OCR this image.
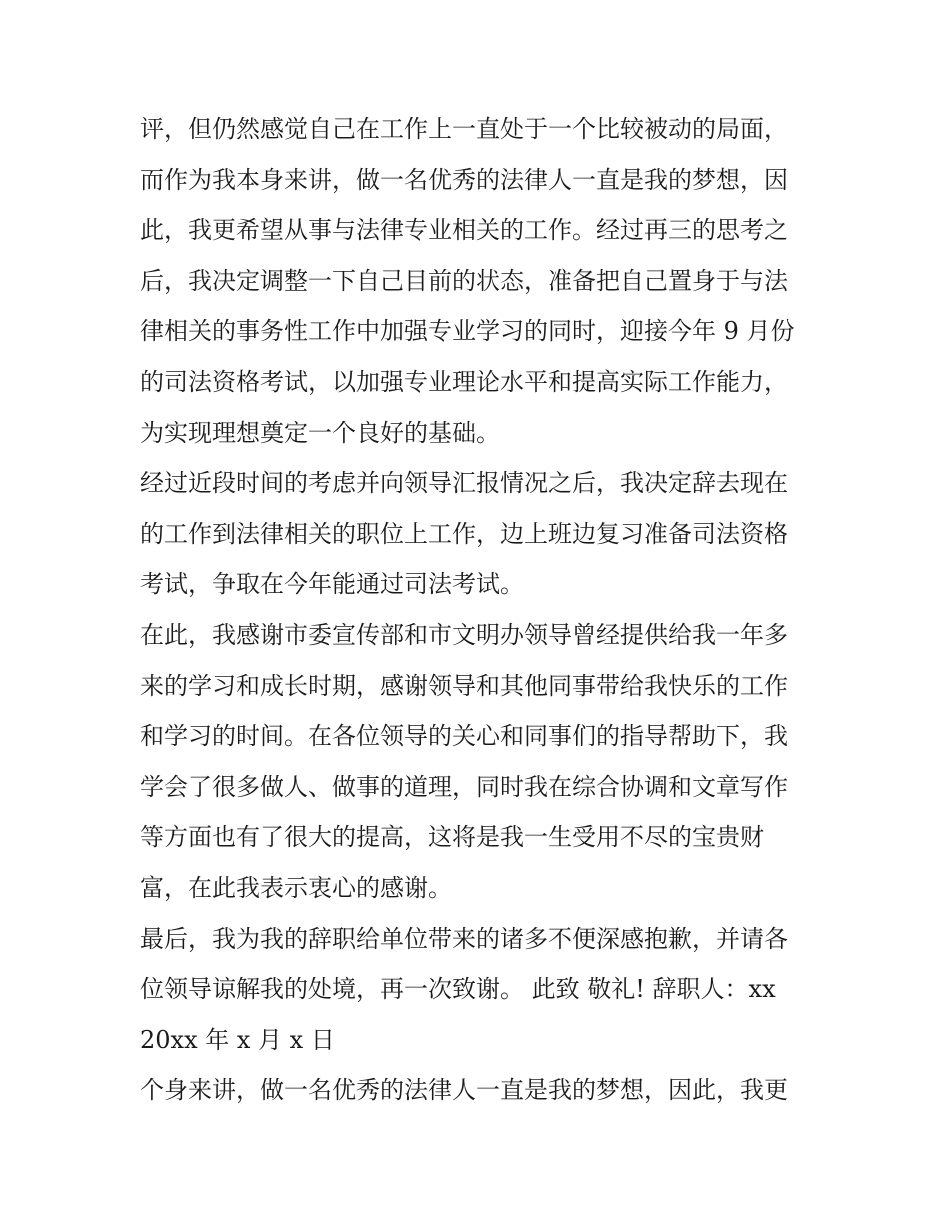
评，但仍然感觉自己在工作上一直处于一个比较被动的局面，
而作为我本身来讲，做一名优秀的法律人一直是我的梦想，因
此，我更希望从事与法律专业相关的工作。经过再三的思考之
后，我决定调整一下自己目前的状态，准备把自己置身于与法
律相关的事务性工作中加强专业学习的同时，迎接今年 9 月份
的司法资格考试，以加强专业理论水平和提高实际工作能力，
为实现理想奠定一个良好的基础。
经过近段时间的考虑并向领导汇报情况之后，我决定辞去现在
的工作到法律相关的职位上工作，边上班边复习准备司法资格
考试，争取在今年能通过司法考试。
在此，我感谢市委宣传部和市文明办领导曾经提供给我一年多
来的学习和成长时期，感谢领导和其他同事带给我快乐的工作
和学习的时间。在各位领导的关心和同事们的指导帮助下，我
学会了很多做人、做事的道理，同时我在综合协调和文章写作
等方面也有了很大的提高，这将是我一生受用不尽的宝贵财
富，在此我表示衷心的感谢。
最后，我为我的辞职给单位带来的诸多不便深感抱歉，并请各
位领导谅解我的处境，再一次致谢。 此致 敬礼! 辞职人：xx
20xx 年 x 月 x 日
个身来讲，做一名优秀的法律人一直是我的梦想，因此，我更
